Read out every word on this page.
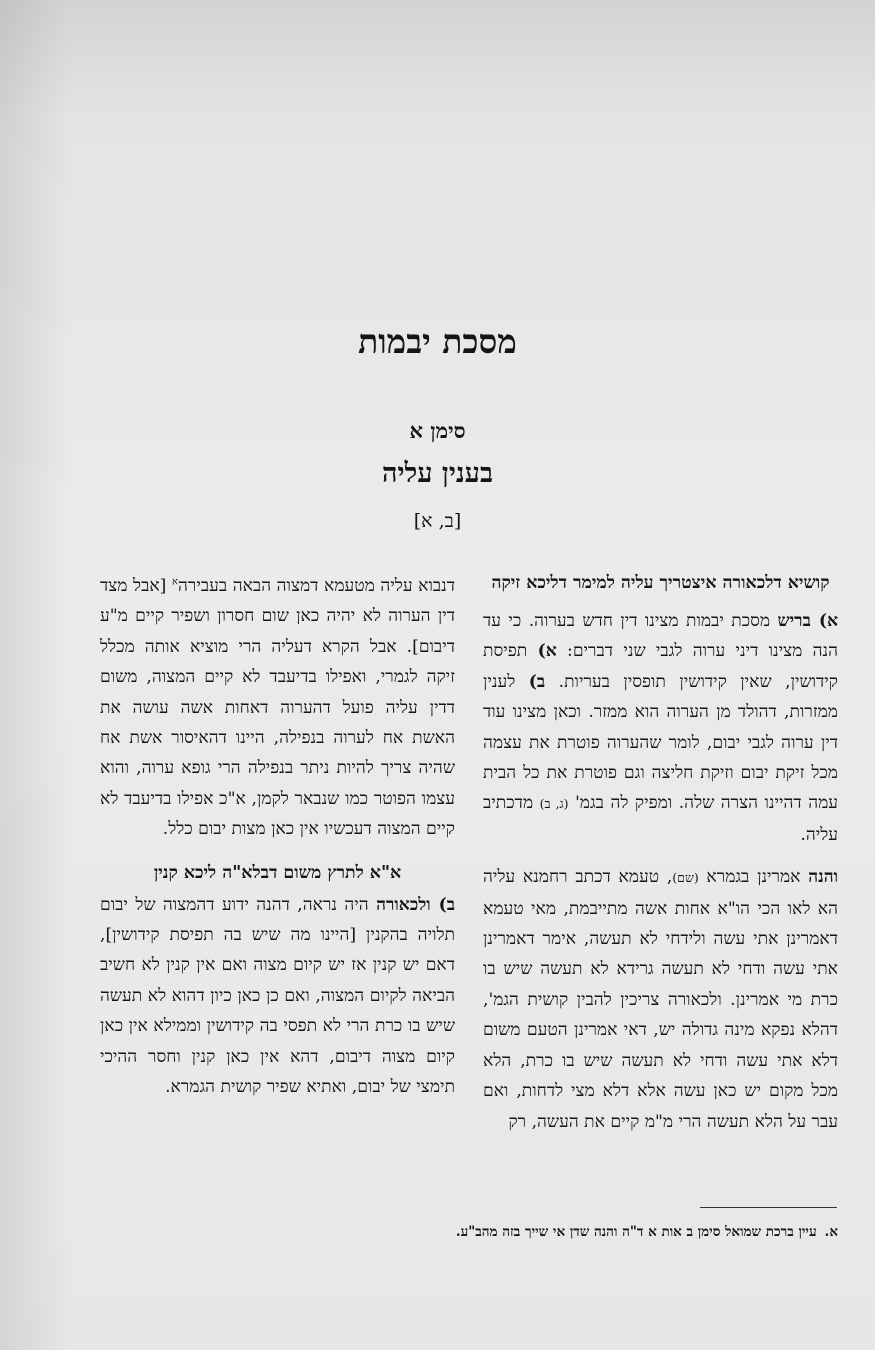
מסכת יבמות
סימן א
בענין עליה
[ב, א]
קושיא דלכאורה איצטריך עליה למימר דליכא זיקה

א) בריש מסכת יבמות מצינו דין חדש בערוה. כי עד הנה מצינו דיני ערוה לגבי שני דברים: א) תפיסת קידושין, שאין קידושין תופסין בעריות. ב) לענין ממזרות, דהולד מן הערוה הוא ממזר. וכאן מצינו עוד דין ערוה לגבי יבום, לומר שהערוה פוטרת את עצמה מכל זיקת יבום וזיקת חליצה וגם פוטרת את כל הבית עמה דהיינו הצרה שלה. ומפיק לה בגמ' (ג, ב) מדכתיב עליה.

והנה אמרינן בגמרא (שם), טעמא דכתב רחמנא עליה הא לאו הכי הו"א אחות אשה מתייבמת, מאי טעמא דאמרינן אתי עשה ולידחי לא תעשה, אימר דאמרינן אתי עשה ודחי לא תעשה גרידא לא תעשה שיש בו כרת מי אמרינן. ולכאורה צריכין להבין קושית הגמ', דהלא נפקא מינה גדולה יש, דאי אמרינן הטעם משום דלא אתי עשה ודחי לא תעשה שיש בו כרת, הלא מכל מקום יש כאן עשה אלא דלא מצי לדחות, ואם עבר על הלא תעשה הרי מ"מ קיים את העשה, רק

דנבוא עליה מטעמא דמצוה הבאה בעבירה$^א$ [אבל מצד דין הערוה לא יהיה כאן שום חסרון ושפיר קיים מ"ע דיבום]. אבל הקרא דעליה הרי מוציא אותה מכלל זיקה לגמרי, ואפילו בדיעבד לא קיים המצוה, משום דדין עליה פועל דהערוה דאחות אשה עושה את האשת אח לערוה בנפילה, היינו דהאיסור אשת אח שהיה צריך להיות ניתר בנפילה הרי גופא ערוה, והוא עצמו הפוטר כמו שנבאר לקמן, א"כ אפילו בדיעבד לא קיים המצוה דעכשיו אין כאן מצות יבום כלל.

א"א לתרץ משום דבלא"ה ליכא קנין

ב) ולכאורה היה נראה, דהנה ידוע דהמצוה של יבום תלויה בהקנין [היינו מה שיש בה תפיסת קידושין], דאם יש קנין אז יש קיום מצוה ואם אין קנין לא חשיב הביאה לקיום המצוה, ואם כן כאן כיון דהוא לא תעשה שיש בו כרת הרי לא תפסי בה קידושין וממילא אין כאן קיום מצוה דיבום, דהא אין כאן קנין וחסר ההיכי תימצי של יבום, ואתיא שפיר קושית הגמרא.

א.עיין ברכת שמואל סימן ב אות א ד"ה והנה שדן אי שייך בזה מהב"ע.
